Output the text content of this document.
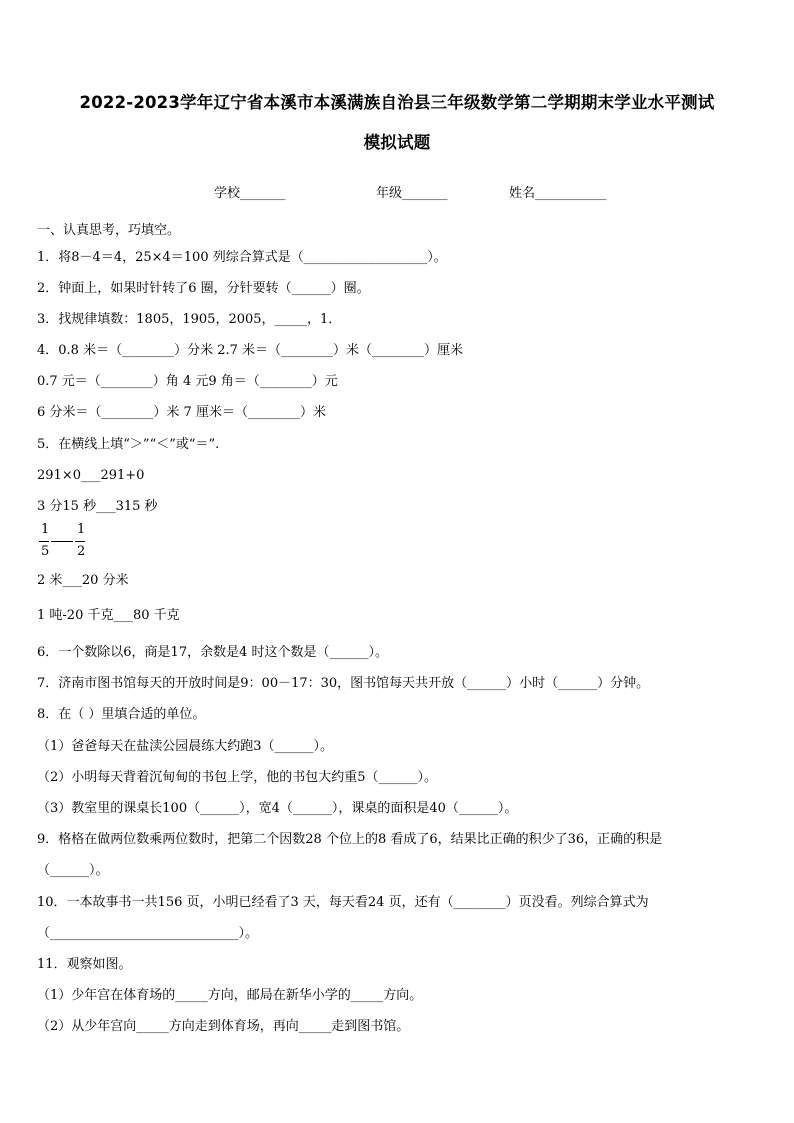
2022-2023学年辽宁省本溪市本溪满族自治县三年级数学第二学期期末学业水平测试
模拟试题
学校_______	年级_______	姓名___________
一、认真思考，巧填空。
1．将8－4＝4，25×4＝100 列综合算式是（___________________）。
2．钟面上，如果时针转了6 圈，分针要转（______）圈。
3．找规律填数：1805，1905，2005，_____，1．
4．0.8 米＝（________）分米 2.7 米＝（________）米（________）厘米
0.7 元＝（________）角 4 元9 角＝（________）元
6 分米＝（________）米 7 厘米＝（________）米
5．在横线上填“＞”“＜”或“＝”.
291×0___291+0
3 分15 秒___315 秒
1
5
1
2
2 米___20 分米
1 吨-20 千克___80 千克
6．一个数除以6，商是17，余数是4 时这个数是（______）。
7．济南市图书馆每天的开放时间是9：00－17：30，图书馆每天共开放（______）小时（______）分钟。
8．在（ ）里填合适的单位。
（1）爸爸每天在盐渎公园晨练大约跑3（______）。
（2）小明每天背着沉甸甸的书包上学，他的书包大约重5（______）。
（3）教室里的课桌长100（______），宽4（______），课桌的面积是40（______）。
9．格格在做两位数乘两位数时，把第二个因数28 个位上的8 看成了6，结果比正确的积少了36，正确的积是
（______）。
10．一本故事书一共156 页，小明已经看了3 天，每天看24 页，还有（________）页没看。列综合算式为
（_____________________________）。
11．观察如图。
（1）少年宫在体育场的_____方向，邮局在新华小学的_____方向。
（2）从少年宫向_____方向走到体育场，再向_____走到图书馆。
